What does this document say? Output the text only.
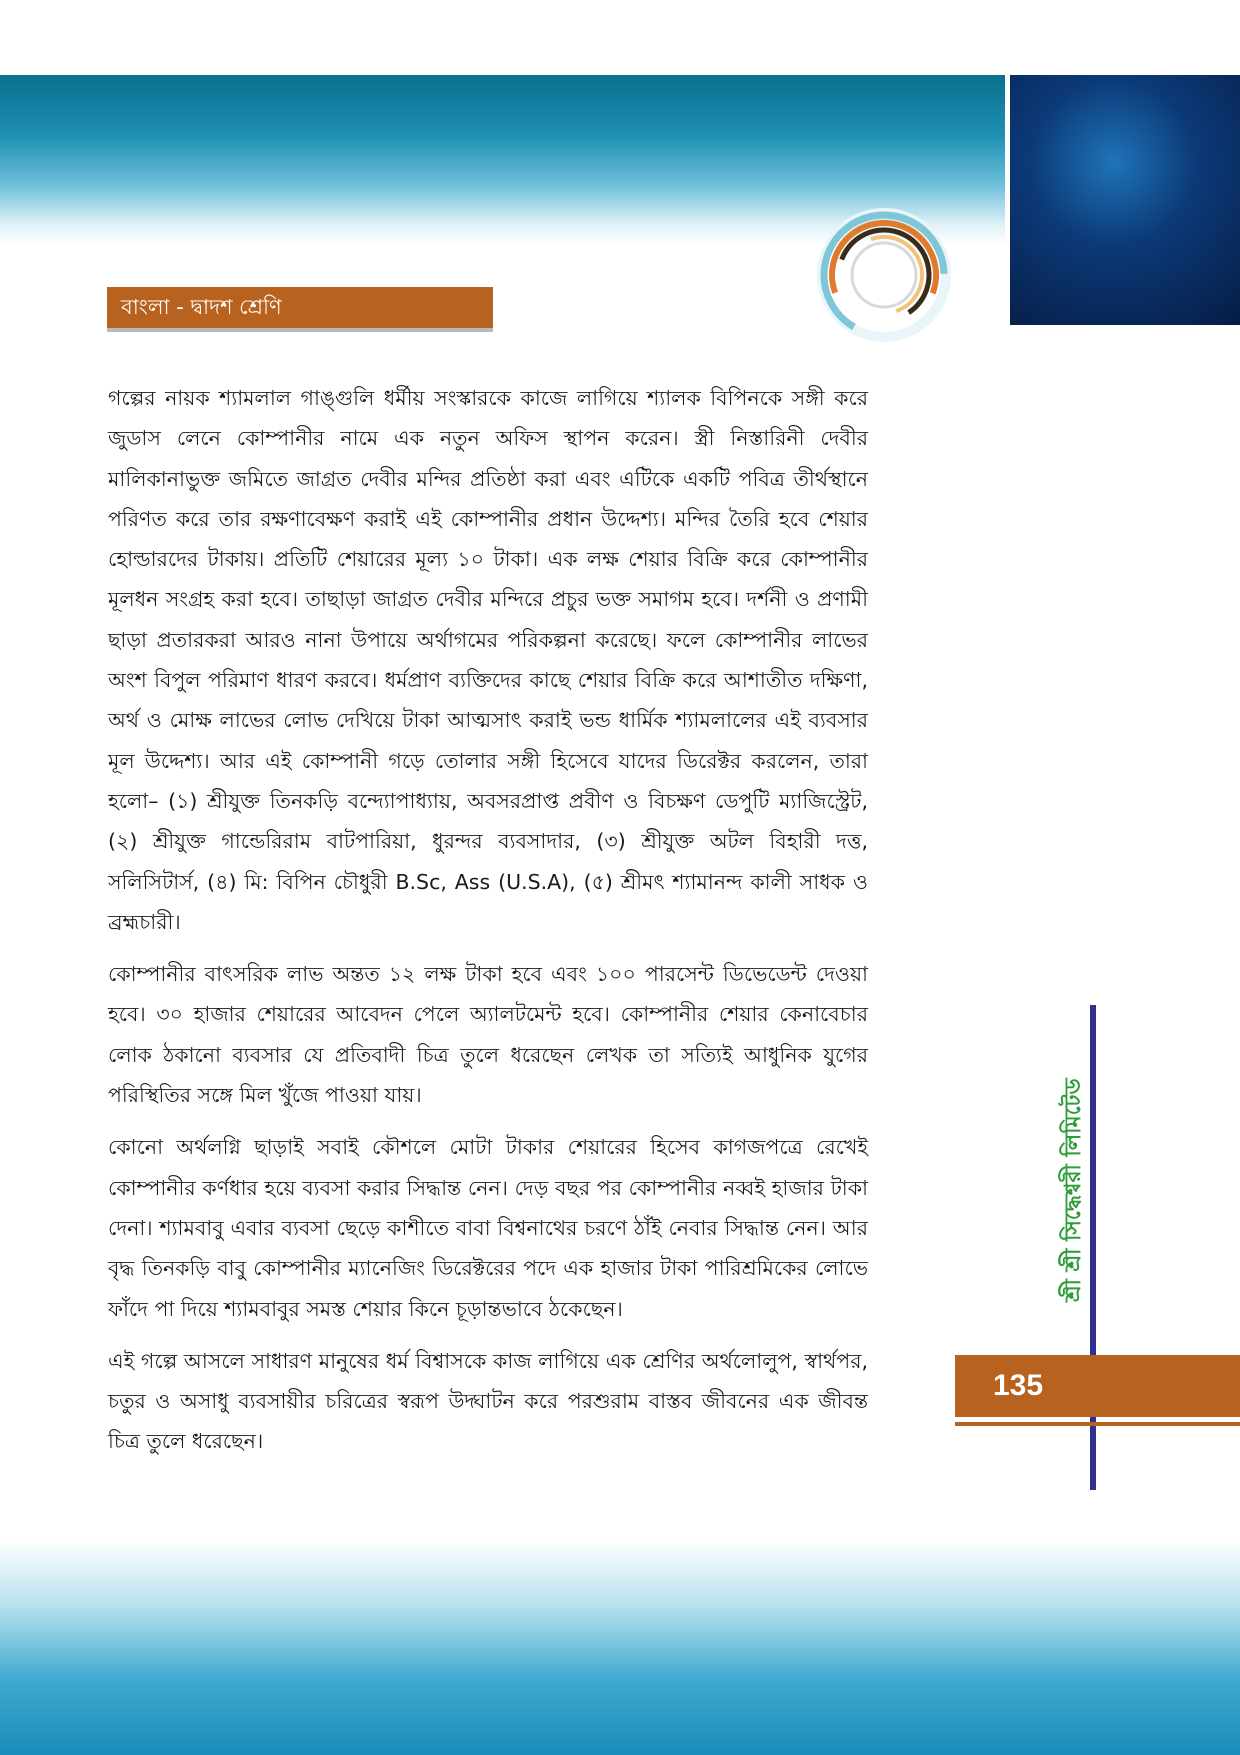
বাংলা - দ্বাদশ শ্রেণি

গল্পের নায়ক শ্যামলাল গাঙ্গুলি ধর্মীয় সংস্কারকে কাজে লাগিয়ে শ্যালক বিপিনকে সঙ্গী করে জুডাস লেনে কোম্পানীর নামে এক নতুন অফিস স্থাপন করেন। স্ত্রী নিস্তারিনী দেবীর মালিকানাভুক্ত জমিতে জাগ্রত দেবীর মন্দির প্রতিষ্ঠা করা এবং এটিকে একটি পবিত্র তীর্থস্থানে পরিণত করে তার রক্ষণাবেক্ষণ করাই এই কোম্পানীর প্রধান উদ্দেশ্য। মন্দির তৈরি হবে শেয়ার হোল্ডারদের টাকায়। প্রতিটি শেয়ারের মূল্য ১০ টাকা। এক লক্ষ শেয়ার বিক্রি করে কোম্পানীর মূলধন সংগ্রহ করা হবে। তাছাড়া জাগ্রত দেবীর মন্দিরে প্রচুর ভক্ত সমাগম হবে। দর্শনী ও প্রণামী ছাড়া প্রতারকরা আরও নানা উপায়ে অর্থাগমের পরিকল্পনা করেছে। ফলে কোম্পানীর লাভের অংশ বিপুল পরিমাণ ধারণ করবে। ধর্মপ্রাণ ব্যক্তিদের কাছে শেয়ার বিক্রি করে আশাতীত দক্ষিণা, অর্থ ও মোক্ষ লাভের লোভ দেখিয়ে টাকা আত্মসাৎ করাই ভন্ড ধার্মিক শ্যামলালের এই ব্যবসার মূল উদ্দেশ্য। আর এই কোম্পানী গড়ে তোলার সঙ্গী হিসেবে যাদের ডিরেক্টর করলেন, তারা হলো– (১) শ্রীযুক্ত তিনকড়ি বন্দ্যোপাধ্যায়, অবসরপ্রাপ্ত প্রবীণ ও বিচক্ষণ ডেপুটি ম্যাজিস্ট্রেট, (২) শ্রীযুক্ত গান্ডেরিরাম বাটপারিয়া, ধুরন্দর ব্যবসাদার, (৩) শ্রীযুক্ত অটল বিহারী দত্ত, সলিসিটার্স, (৪) মি: বিপিন চৌধুরী B.Sc, Ass (U.S.A), (৫) শ্রীমৎ শ্যামানন্দ কালী সাধক ও ব্রহ্মচারী।

কোম্পানীর বাৎসরিক লাভ অন্তত ১২ লক্ষ টাকা হবে এবং ১০০ পারসেন্ট ডিভেডেন্ট দেওয়া হবে। ৩০ হাজার শেয়ারের আবেদন পেলে অ্যালটমেন্ট হবে। কোম্পানীর শেয়ার কেনাবেচার লোক ঠকানো ব্যবসার যে প্রতিবাদী চিত্র তুলে ধরেছেন লেখক তা সত্যিই আধুনিক যুগের পরিস্থিতির সঙ্গে মিল খুঁজে পাওয়া যায়।

কোনো অর্থলগ্নি ছাড়াই সবাই কৌশলে মোটা টাকার শেয়ারের হিসেব কাগজপত্রে রেখেই কোম্পানীর কর্ণধার হয়ে ব্যবসা করার সিদ্ধান্ত নেন। দেড় বছর পর কোম্পানীর নব্বই হাজার টাকা দেনা। শ্যামবাবু এবার ব্যবসা ছেড়ে কাশীতে বাবা বিশ্বনাথের চরণে ঠাঁই নেবার সিদ্ধান্ত নেন। আর বৃদ্ধ তিনকড়ি বাবু কোম্পানীর ম্যানেজিং ডিরেক্টরের পদে এক হাজার টাকা পারিশ্রমিকের লোভে ফাঁদে পা দিয়ে শ্যামবাবুর সমস্ত শেয়ার কিনে চূড়ান্তভাবে ঠকেছেন।

এই গল্পে আসলে সাধারণ মানুষের ধর্ম বিশ্বাসকে কাজ লাগিয়ে এক শ্রেণির অর্থলোলুপ, স্বার্থপর, চতুর ও অসাধু ব্যবসায়ীর চরিত্রের স্বরূপ উদ্ঘাটন করে পরশুরাম বাস্তব জীবনের এক জীবন্ত চিত্র তুলে ধরেছেন।

শ্রী শ্রী সিদ্ধেশ্বরী লিমিটেড
135
